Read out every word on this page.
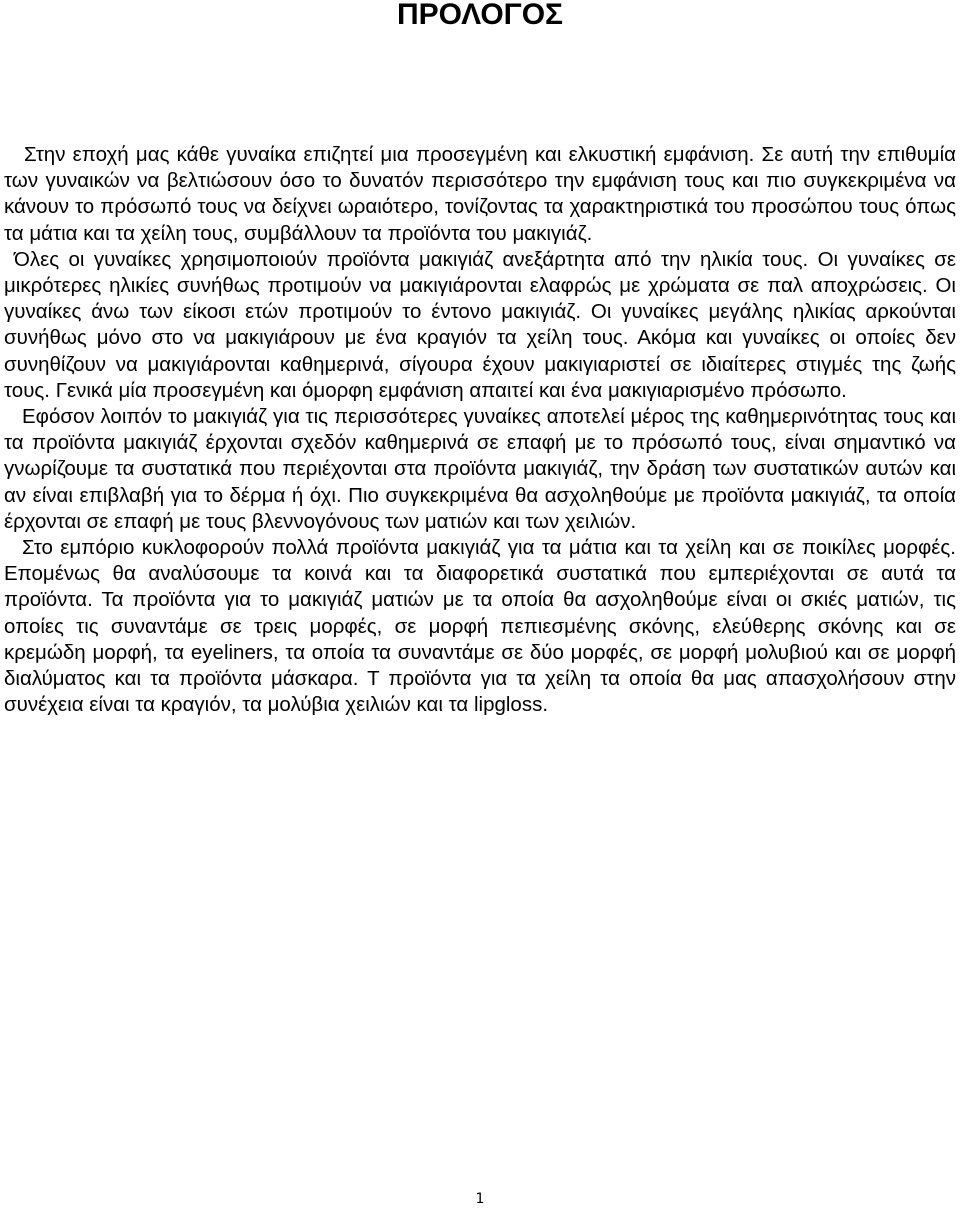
ΠΡΟΛΟΓΟΣ

Στην εποχή μας κάθε γυναίκα επιζητεί μια προσεγμένη και ελκυστική εμφάνιση. Σε αυτή την επιθυμία των γυναικών να βελτιώσουν όσο το δυνατόν περισσότερο την εμφάνιση τους και πιο συγκεκριμένα να κάνουν το πρόσωπό τους να δείχνει ωραιότερο, τονίζοντας τα χαρακτηριστικά του προσώπου τους όπως τα μάτια και τα χείλη τους, συμβάλλουν τα προϊόντα του μακιγιάζ.

Όλες οι γυναίκες χρησιμοποιούν προϊόντα μακιγιάζ ανεξάρτητα από την ηλικία τους. Οι γυναίκες σε μικρότερες ηλικίες συνήθως προτιμούν να μακιγιάρονται ελαφρώς με χρώματα σε παλ αποχρώσεις. Οι γυναίκες άνω των είκοσι ετών προτιμούν το έντονο μακιγιάζ. Οι γυναίκες μεγάλης ηλικίας αρκούνται συνήθως μόνο στο να μακιγιάρουν με ένα κραγιόν τα χείλη τους. Ακόμα και γυναίκες οι οποίες δεν συνηθίζουν να μακιγιάρονται καθημερινά, σίγουρα έχουν μακιγιαριστεί σε ιδιαίτερες στιγμές της ζωής τους. Γενικά μία προσεγμένη και όμορφη εμφάνιση απαιτεί και ένα μακιγιαρισμένο πρόσωπο.

Εφόσον λοιπόν το μακιγιάζ για τις περισσότερες γυναίκες αποτελεί μέρος της καθημερινότητας τους και τα προϊόντα μακιγιάζ έρχονται σχεδόν καθημερινά σε επαφή με το πρόσωπό τους, είναι σημαντικό να γνωρίζουμε τα συστατικά που περιέχονται στα προϊόντα μακιγιάζ, την δράση των συστατικών αυτών και αν είναι επιβλαβή για το δέρμα ή όχι. Πιο συγκεκριμένα θα ασχοληθούμε με προϊόντα μακιγιάζ, τα οποία έρχονται σε επαφή με τους βλεννογόνους των ματιών και των χειλιών.

Στο εμπόριο κυκλοφορούν πολλά προϊόντα μακιγιάζ για τα μάτια και τα χείλη και σε ποικίλες μορφές. Επομένως θα αναλύσουμε τα κοινά και τα διαφορετικά συστατικά που εμπεριέχονται σε αυτά τα προϊόντα. Τα προϊόντα για το μακιγιάζ ματιών με τα οποία θα ασχοληθούμε είναι οι σκιές ματιών, τις οποίες τις συναντάμε σε τρεις μορφές, σε μορφή πεπιεσμένης σκόνης, ελεύθερης σκόνης και σε κρεμώδη μορφή, τα eyeliners, τα οποία τα συναντάμε σε δύο μορφές, σε μορφή μολυβιού και σε μορφή διαλύματος και τα προϊόντα μάσκαρα. Τ προϊόντα για τα χείλη τα οποία θα μας απασχολήσουν στην συνέχεια είναι τα κραγιόν, τα μολύβια χειλιών και τα lipgloss.

1
